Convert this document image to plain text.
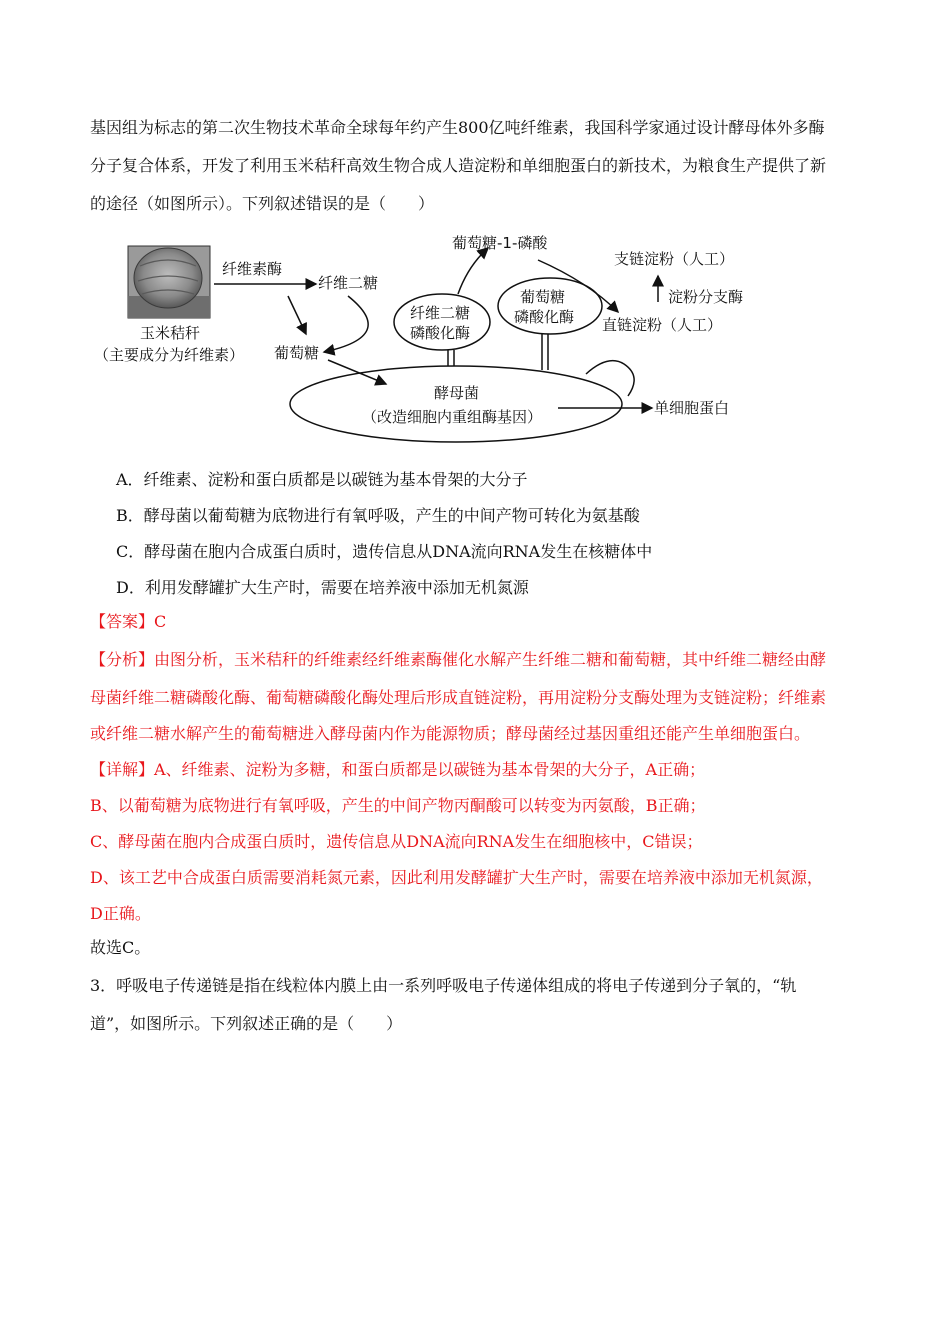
基因组为标志的第二次生物技术革命全球每年约产生800亿吨纤维素，我国科学家通过设计酵母体外多酶
分子复合体系，开发了利用玉米秸秆高效生物合成人造淀粉和单细胞蛋白的新技术，为粮食生产提供了新
的途径（如图所示）。下列叙述错误的是（　　）
玉米秸秆
（主要成分为纤维素）
纤维素酶
纤维二糖
葡萄糖
纤维二糖
磷酸化酶
葡萄糖
磷酸化酶
葡萄糖-1-磷酸
支链淀粉（人工）
淀粉分支酶
直链淀粉（人工）
酵母菌
（改造细胞内重组酶基因）	单细胞蛋白
A．纤维素、淀粉和蛋白质都是以碳链为基本骨架的大分子
B．酵母菌以葡萄糖为底物进行有氧呼吸，产生的中间产物可转化为氨基酸
C．酵母菌在胞内合成蛋白质时，遗传信息从DNA流向RNA发生在核糖体中
D．利用发酵罐扩大生产时，需要在培养液中添加无机氮源
【答案】C
【分析】由图分析，玉米秸秆的纤维素经纤维素酶催化水解产生纤维二糖和葡萄糖，其中纤维二糖经由酵
母菌纤维二糖磷酸化酶、葡萄糖磷酸化酶处理后形成直链淀粉，再用淀粉分支酶处理为支链淀粉；纤维素
或纤维二糖水解产生的葡萄糖进入酵母菌内作为能源物质；酵母菌经过基因重组还能产生单细胞蛋白。
【详解】A、纤维素、淀粉为多糖，和蛋白质都是以碳链为基本骨架的大分子，A正确；
B、以葡萄糖为底物进行有氧呼吸，产生的中间产物丙酮酸可以转变为丙氨酸，B正确；
C、酵母菌在胞内合成蛋白质时，遗传信息从DNA流向RNA发生在细胞核中，C错误；
D、该工艺中合成蛋白质需要消耗氮元素，因此利用发酵罐扩大生产时，需要在培养液中添加无机氮源，
D正确。
故选C。
3．呼吸电子传递链是指在线粒体内膜上由一系列呼吸电子传递体组成的将电子传递到分子氧的，“轨
道”，如图所示。下列叙述正确的是（　　）
